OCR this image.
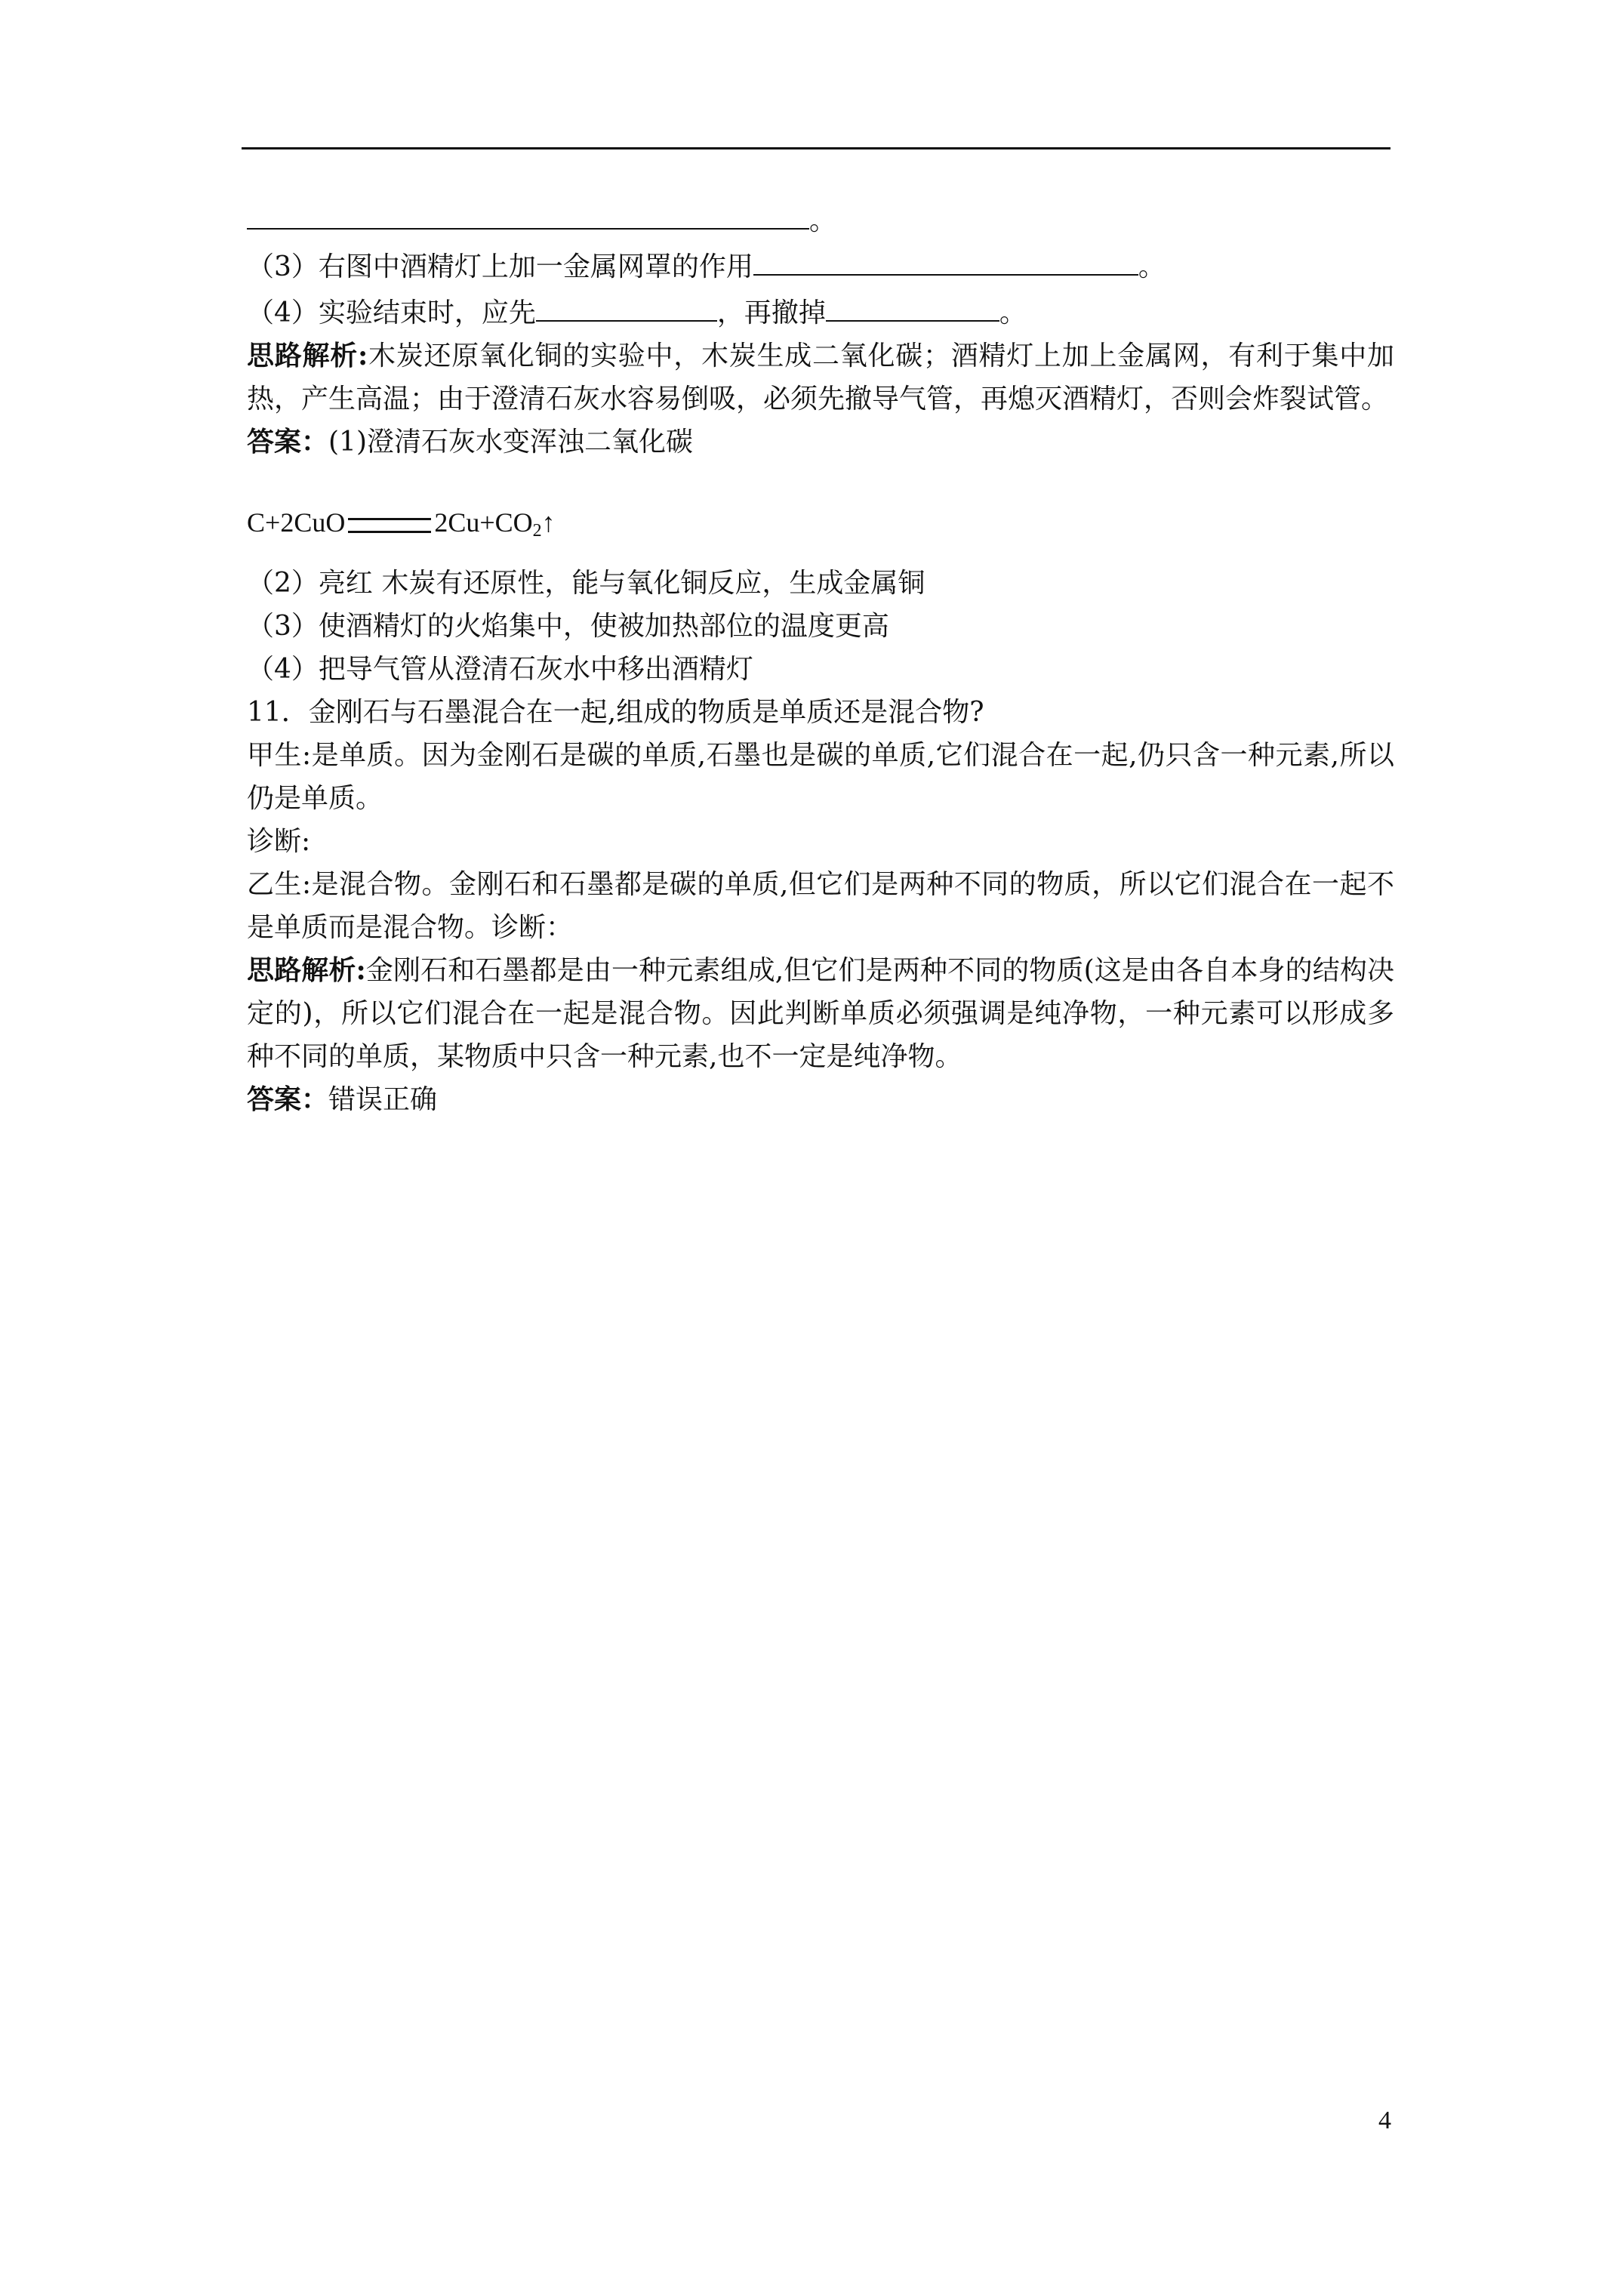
。
（3）右图中酒精灯上加一金属网罩的作用	。
（4）实验结束时，应先	，再撤掉	。
思路解析:木炭还原氧化铜的实验中，木炭生成二氧化碳；酒精灯上加上金属网，有利于集中加热，产生高温；由于澄清石灰水容易倒吸，必须先撤导气管，再熄灭酒精灯，否则会炸裂试管。
答案：(1)澄清石灰水变浑浊二氧化碳
C+2CuO	$2Cu+CO_2↑$
（2）亮红 木炭有还原性，能与氧化铜反应，生成金属铜
（3）使酒精灯的火焰集中，使被加热部位的温度更高
（4）把导气管从澄清石灰水中移出酒精灯
11．金刚石与石墨混合在一起,组成的物质是单质还是混合物?
甲生:是单质。因为金刚石是碳的单质,石墨也是碳的单质,它们混合在一起,仍只含一种元素,所以仍是单质。
诊断:
乙生:是混合物。金刚石和石墨都是碳的单质,但它们是两种不同的物质，所以它们混合在一起不是单质而是混合物。诊断：
思路解析:金刚石和石墨都是由一种元素组成,但它们是两种不同的物质(这是由各自本身的结构决定的)，所以它们混合在一起是混合物。因此判断单质必须强调是纯净物，一种元素可以形成多种不同的单质，某物质中只含一种元素,也不一定是纯净物。
答案：错误正确
4
